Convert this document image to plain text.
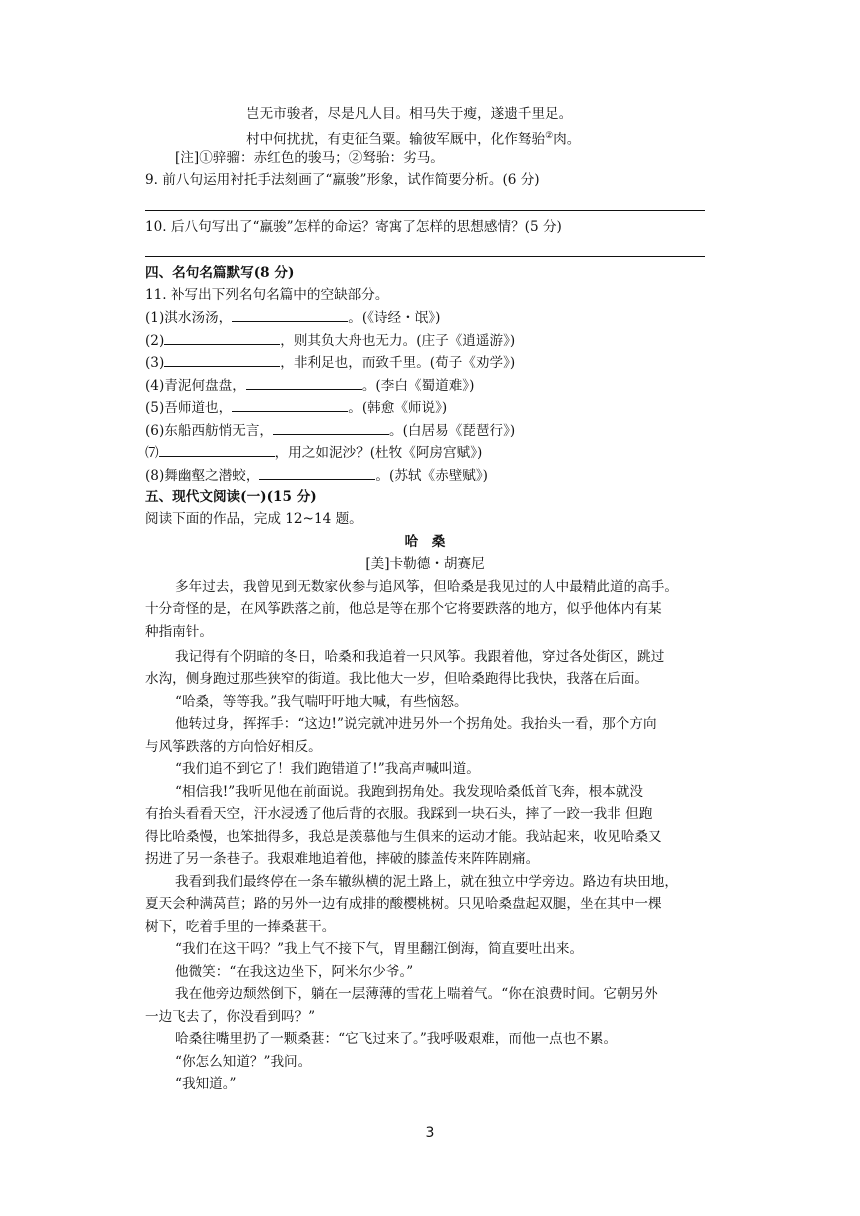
岂无市骏者，尽是凡人目。相马失于瘦，遂遗千里足。
村中何扰扰，有吏征刍粟。输彼军厩中，化作驽骀②肉。
[注]①骍骝：赤红色的骏马；②驽骀：劣马。
9. 前八句运用衬托手法刻画了“羸骏”形象，试作简要分析。(6 分)
10. 后八句写出了“羸骏”怎样的命运？寄寓了怎样的思想感情？(5 分)
四、名句名篇默写(8 分)
11. 补写出下列名句名篇中的空缺部分。
(1)淇水汤汤，	。(《诗经・氓》)
(2)	，则其负大舟也无力。(庄子《逍遥游》)
(3)	，非利足也，而致千里。(荀子《劝学》)
(4)青泥何盘盘，	。(李白《蜀道难》)
(5)吾师道也，	。(韩愈《师说》)
(6)东船西舫悄无言，	。(白居易《琵琶行》)
⑺	，用之如泥沙？(杜牧《阿房宫赋》)
(8)舞幽壑之潜蛟，	。(苏轼《赤壁赋》)
五、现代文阅读(一)(15 分)
阅读下面的作品，完成 12~14 题。
哈　桑
[美]卡勒德・胡赛尼
多年过去，我曾见到无数家伙参与追风筝，但哈桑是我见过的人中最精此道的高手。
十分奇怪的是，在风筝跌落之前，他总是等在那个它将要跌落的地方，似乎他体内有某
种指南针。
我记得有个阴暗的冬日，哈桑和我追着一只风筝。我跟着他，穿过各处街区，跳过
水沟，侧身跑过那些狭窄的街道。我比他大一岁，但哈桑跑得比我快，我落在后面。
“哈桑，等等我。”我气喘吁吁地大喊，有些恼怒。
他转过身，挥挥手：“这边!”说完就冲进另外一个拐角处。我抬头一看，那个方向
与风筝跌落的方向恰好相反。
“我们追不到它了！我们跑错道了!”我高声喊叫道。
“相信我!”我听见他在前面说。我跑到拐角处。我发现哈桑低首飞奔，根本就没
有抬头看看天空，汗水浸透了他后背的衣服。我踩到一块石头，摔了一跤一我非 但跑
得比哈桑慢，也笨拙得多，我总是羡慕他与生俱来的运动才能。我站起来，收见哈桑又
拐进了另一条巷子。我艰难地追着他，摔破的膝盖传来阵阵剧痛。
我看到我们最终停在一条车辙纵横的泥土路上，就在独立中学旁边。路边有块田地，
夏天会种满莴苣；路的另外一边有成排的酸樱桃树。只见哈桑盘起双腿，坐在其中一棵
树下，吃着手里的一捧桑葚干。
“我们在这干吗？”我上气不接下气，胃里翻江倒海，简直要吐出来。
他微笑：“在我这边坐下，阿米尔少爷。”
我在他旁边颓然倒下，躺在一层薄薄的雪花上喘着气。“你在浪费时间。它朝另外
一边飞去了，你没看到吗？”
哈桑往嘴里扔了一颗桑葚：“它飞过来了。”我呼吸艰难，而他一点也不累。
“你怎么知道？”我问。
“我知道。”
3
